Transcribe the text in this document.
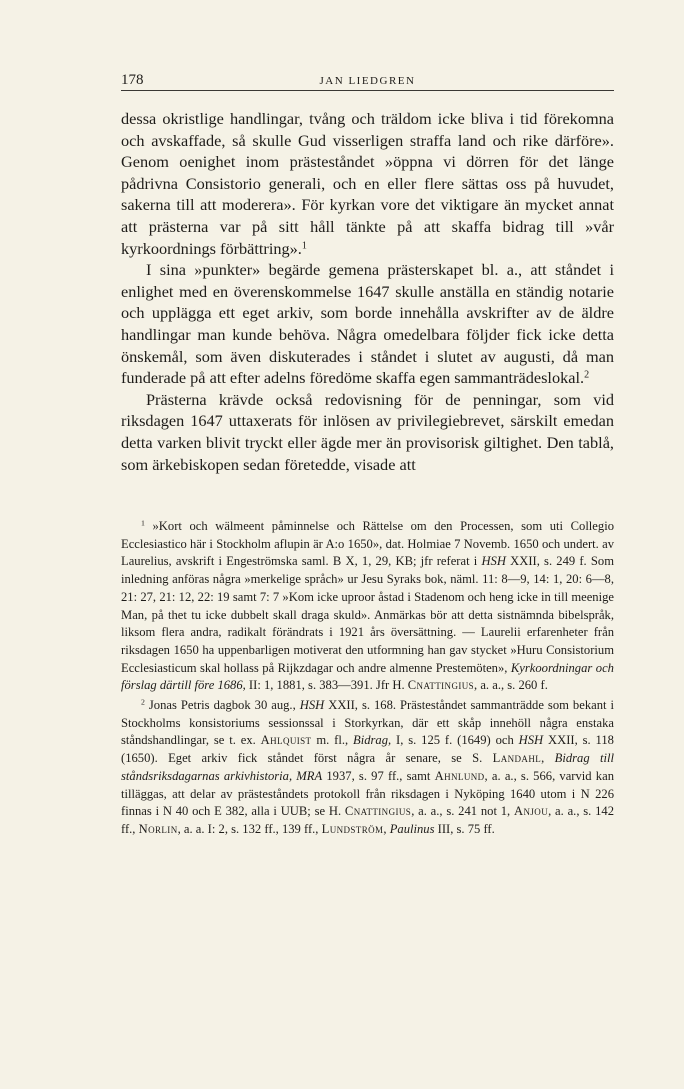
178	JAN LIEDGREN

dessa okristlige handlingar, tvång och träldom icke bliva i tid förekomna och avskaffade, så skulle Gud visserligen straffa land och rike därföre». Genom oenighet inom prästeståndet »öppna vi dörren för det länge pådrivna Consistorio generali, och en eller flere sättas oss på huvudet, sakerna till att moderera». För kyrkan vore det viktigare än mycket annat att prästerna var på sitt håll tänkte på att skaffa bidrag till »vår kyrkoordnings förbättring».$^1$

I sina »punkter» begärde gemena prästerskapet bl. a., att ståndet i enlighet med en överenskommelse 1647 skulle anställa en ständig notarie och upplägga ett eget arkiv, som borde innehålla avskrifter av de äldre handlingar man kunde behöva. Några omedelbara följder fick icke detta önskemål, som även diskuterades i ståndet i slutet av augusti, då man funderade på att efter adelns föredöme skaffa egen sammanträdeslokal.$^2$

Prästerna krävde också redovisning för de penningar, som vid riksdagen 1647 uttaxerats för inlösen av privilegiebrevet, särskilt emedan detta varken blivit tryckt eller ägde mer än provisorisk giltighet. Den tablå, som ärkebiskopen sedan företedde, visade att

$^1$ »Kort och wälmeent påminnelse och Rättelse om den Processen, som uti Collegio Ecclesiastico här i Stockholm aflupin är A:o 1650», dat. Holmiae 7 Novemb. 1650 och undert. av Laurelius, avskrift i Engeströmska saml. B X, 1, 29, KB; jfr referat i HSH XXII, s. 249 f. Som inledning anföras några »merkelige språch» ur Jesu Syraks bok, näml. 11: 8—9, 14: 1, 20: 6—8, 21: 27, 21: 12, 22: 19 samt 7: 7 »Kom icke uproor åstad i Stadenom och heng icke in till meenige Man, på thet tu icke dubbelt skall draga skuld». Anmärkas bör att detta sistnämnda bibelspråk, liksom flera andra, radikalt förändrats i 1921 års översättning. — Laurelii erfarenheter från riksdagen 1650 ha uppenbarligen motiverat den utformning han gav stycket »Huru Consistorium Ecclesiasticum skal hollass på Rijkzdagar och andre almenne Prestemöten», Kyrkoordningar och förslag därtill före 1686, II: 1, 1881, s. 383—391. Jfr H. Cnattingius, a. a., s. 260 f.

$^2$ Jonas Petris dagbok 30 aug., HSH XXII, s. 168. Prästeståndet sammanträdde som bekant i Stockholms konsistoriums sessionssal i Storkyrkan, där ett skåp innehöll några enstaka ståndshandlingar, se t. ex. Ahlquist m. fl., Bidrag, I, s. 125 f. (1649) och HSH XXII, s. 118 (1650). Eget arkiv fick ståndet först några år senare, se S. Landahl, Bidrag till ståndsriksdagarnas arkivhistoria, MRA 1937, s. 97 ff., samt Ahnlund, a. a., s. 566, varvid kan tilläggas, att delar av prästeståndets protokoll från riksdagen i Nyköping 1640 utom i N 226 finnas i N 40 och E 382, alla i UUB; se H. Cnattingius, a. a., s. 241 not 1, Anjou, a. a., s. 142 ff., Norlin, a. a. I: 2, s. 132 ff., 139 ff., Lundström, Paulinus III, s. 75 ff.
